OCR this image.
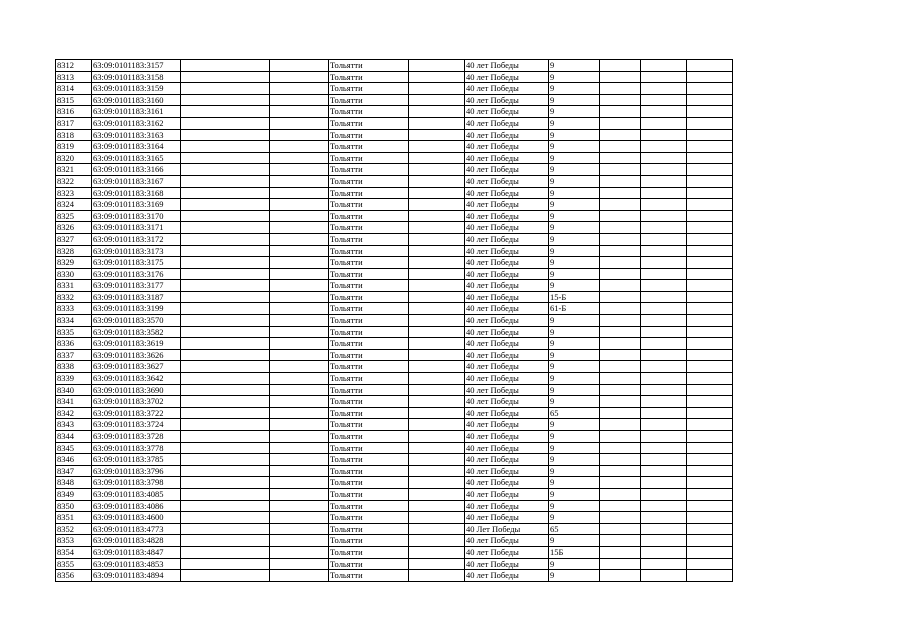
8312	63:09:0101183:3157			Тольятти		40 лет Победы	9			
8313	63:09:0101183:3158			Тольятти		40 лет Победы	9			
8314	63:09:0101183:3159			Тольятти		40 лет Победы	9			
8315	63:09:0101183:3160			Тольятти		40 лет Победы	9			
8316	63:09:0101183:3161			Тольятти		40 лет Победы	9			
8317	63:09:0101183:3162			Тольятти		40 лет Победы	9			
8318	63:09:0101183:3163			Тольятти		40 лет Победы	9			
8319	63:09:0101183:3164			Тольятти		40 лет Победы	9			
8320	63:09:0101183:3165			Тольятти		40 лет Победы	9			
8321	63:09:0101183:3166			Тольятти		40 лет Победы	9			
8322	63:09:0101183:3167			Тольятти		40 лет Победы	9			
8323	63:09:0101183:3168			Тольятти		40 лет Победы	9			
8324	63:09:0101183:3169			Тольятти		40 лет Победы	9			
8325	63:09:0101183:3170			Тольятти		40 лет Победы	9			
8326	63:09:0101183:3171			Тольятти		40 лет Победы	9			
8327	63:09:0101183:3172			Тольятти		40 лет Победы	9			
8328	63:09:0101183:3173			Тольятти		40 лет Победы	9			
8329	63:09:0101183:3175			Тольятти		40 лет Победы	9			
8330	63:09:0101183:3176			Тольятти		40 лет Победы	9			
8331	63:09:0101183:3177			Тольятти		40 лет Победы	9			
8332	63:09:0101183:3187			Тольятти		40 лет Победы	15-Б			
8333	63:09:0101183:3199			Тольятти		40 лет Победы	61-Б			
8334	63:09:0101183:3570			Тольятти		40 лет Победы	9			
8335	63:09:0101183:3582			Тольятти		40 лет Победы	9			
8336	63:09:0101183:3619			Тольятти		40 лет Победы	9			
8337	63:09:0101183:3626			Тольятти		40 лет Победы	9			
8338	63:09:0101183:3627			Тольятти		40 лет Победы	9			
8339	63:09:0101183:3642			Тольятти		40 лет Победы	9			
8340	63:09:0101183:3690			Тольятти		40 лет Победы	9			
8341	63:09:0101183:3702			Тольятти		40 лет Победы	9			
8342	63:09:0101183:3722			Тольятти		40 лет Победы	65			
8343	63:09:0101183:3724			Тольятти		40 лет Победы	9			
8344	63:09:0101183:3728			Тольятти		40 лет Победы	9			
8345	63:09:0101183:3778			Тольятти		40 лет Победы	9			
8346	63:09:0101183:3785			Тольятти		40 лет Победы	9			
8347	63:09:0101183:3796			Тольятти		40 лет Победы	9			
8348	63:09:0101183:3798			Тольятти		40 лет Победы	9			
8349	63:09:0101183:4085			Тольятти		40 лет Победы	9			
8350	63:09:0101183:4086			Тольятти		40 лет Победы	9			
8351	63:09:0101183:4600			Тольятти		40 лет Победы	9			
8352	63:09:0101183:4773			Тольятти		40 Лет Победы	65			
8353	63:09:0101183:4828			Тольятти		40 лет Победы	9			
8354	63:09:0101183:4847			Тольятти		40 лет Победы	15Б			
8355	63:09:0101183:4853			Тольятти		40 лет Победы	9			
8356	63:09:0101183:4894			Тольятти		40 лет Победы	9			
